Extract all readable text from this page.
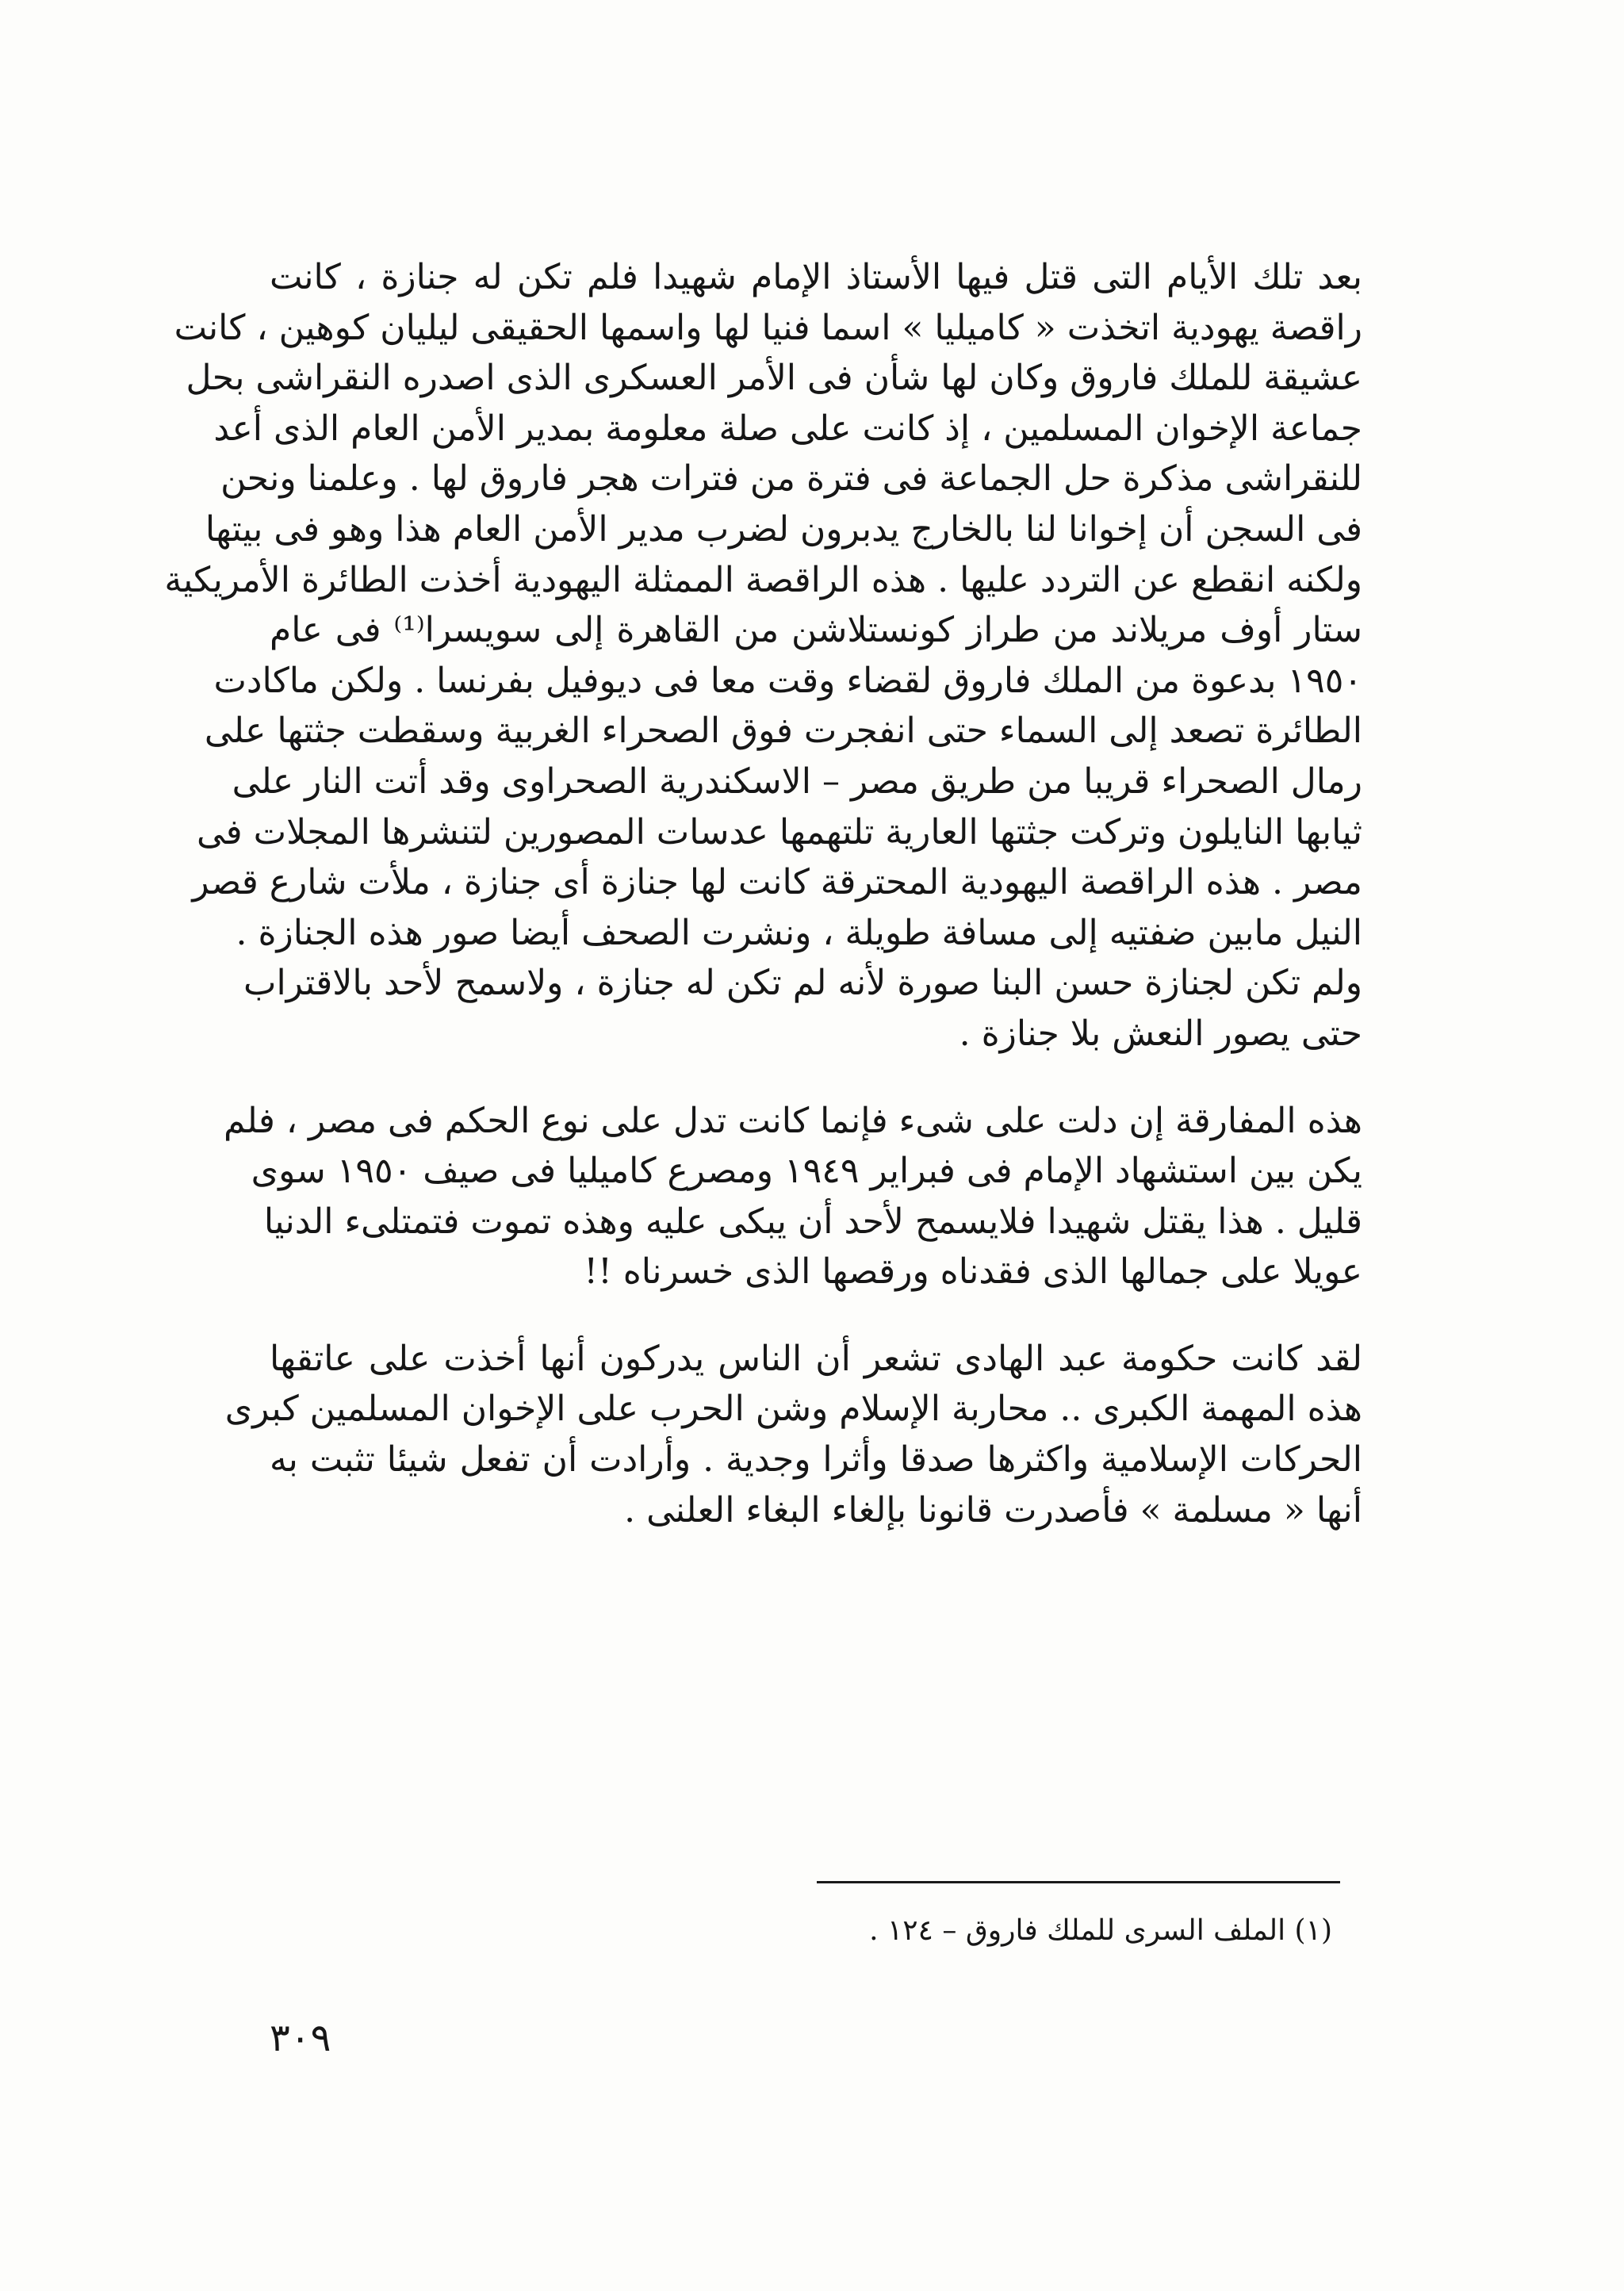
بعد تلك الأيام التى قتل فيها الأستاذ الإمام شهيدا فلم تكن له جنازة ، كانت
راقصة يهودية اتخذت « كاميليا » اسما فنيا لها واسمها الحقيقى ليليان كوهين ، كانت
عشيقة للملك فاروق وكان لها شأن فى الأمر العسكرى الذى اصدره النقراشى بحل
جماعة الإخوان المسلمين ، إذ كانت على صلة معلومة بمدير الأمن العام الذى أعد
للنقراشى مذكرة حل الجماعة فى فترة من فترات هجر فاروق لها . وعلمنا ونحن
فى السجن أن إخوانا لنا بالخارج يدبرون لضرب مدير الأمن العام هذا وهو فى بيتها
ولكنه انقطع عن التردد عليها . هذه الراقصة الممثلة اليهودية أخذت الطائرة الأمريكية
ستار أوف مريلاند من طراز كونستلاشن من القاهرة إلى سويسرا⁽¹⁾ فى عام
١٩٥٠ بدعوة من الملك فاروق لقضاء وقت معا فى ديوفيل بفرنسا . ولكن ماكادت
الطائرة تصعد إلى السماء حتى انفجرت فوق الصحراء الغربية وسقطت جثتها على
رمال الصحراء قريبا من طريق مصر – الاسكندرية الصحراوى وقد أتت النار على
ثيابها النايلون وتركت جثتها العارية تلتهمها عدسات المصورين لتنشرها المجلات فى
مصر . هذه الراقصة اليهودية المحترقة كانت لها جنازة أى جنازة ، ملأت شارع قصر
النيل مابين ضفتيه إلى مسافة طويلة ، ونشرت الصحف أيضا صور هذه الجنازة .
ولم تكن لجنازة حسن البنا صورة لأنه لم تكن له جنازة ، ولاسمح لأحد بالاقتراب
حتى يصور النعش بلا جنازة .

هذه المفارقة إن دلت على شىء فإنما كانت تدل على نوع الحكم فى مصر ، فلم
يكن بين استشهاد الإمام فى فبراير ١٩٤٩ ومصرع كاميليا فى صيف ١٩٥٠ سوى
قليل . هذا يقتل شهيدا فلايسمح لأحد أن يبكى عليه وهذه تموت فتمتلىء الدنيا
عويلا على جمالها الذى فقدناه ورقصها الذى خسرناه !!

لقد كانت حكومة عبد الهادى تشعر أن الناس يدركون أنها أخذت على عاتقها
هذه المهمة الكبرى .. محاربة الإسلام وشن الحرب على الإخوان المسلمين كبرى
الحركات الإسلامية واكثرها صدقا وأثرا وجدية . وأرادت أن تفعل شيئا تثبت به
أنها « مسلمة » فأصدرت قانونا بإلغاء البغاء العلنى .

(١) الملف السرى للملك فاروق – ١٢٤ .
٣٠٩
